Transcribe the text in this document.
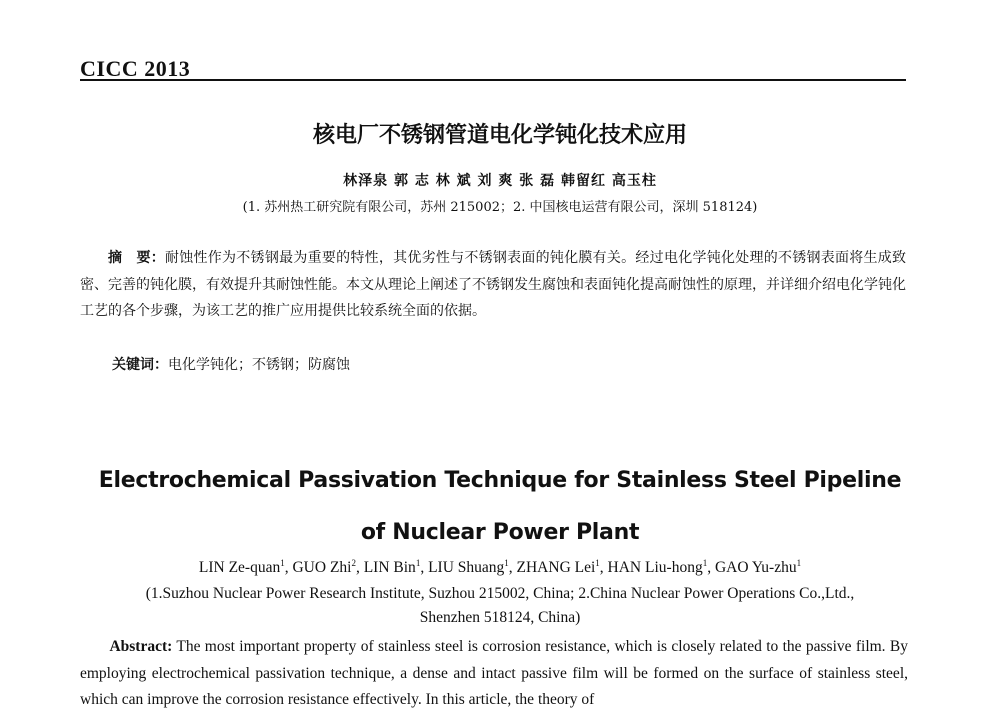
CICC 2013
核电厂不锈钢管道电化学钝化技术应用
林泽泉 郭 志 林 斌 刘 爽 张 磊 韩留红 高玉柱
(1. 苏州热工研究院有限公司，苏州 215002；2. 中国核电运营有限公司，深圳 518124)
摘　要：耐蚀性作为不锈钢最为重要的特性，其优劣性与不锈钢表面的钝化膜有关。经过电化学钝化处理的不锈钢表面将生成致密、完善的钝化膜，有效提升其耐蚀性能。本文从理论上阐述了不锈钢发生腐蚀和表面钝化提高耐蚀性的原理，并详细介绍电化学钝化工艺的各个步骤，为该工艺的推广应用提供比较系统全面的依据。
关键词：电化学钝化；不锈钢；防腐蚀
Electrochemical Passivation Technique for Stainless Steel Pipeline
of Nuclear Power Plant
LIN Ze-quan$^1$, GUO Zhi$^2$, LIN Bin$^1$, LIU Shuang$^1$, ZHANG Lei$^1$, HAN Liu-hong$^1$, GAO Yu-zhu$^1$
(1.Suzhou Nuclear Power Research Institute, Suzhou 215002, China; 2.China Nuclear Power Operations Co.,Ltd.,
Shenzhen 518124, China)
Abstract: The most important property of stainless steel is corrosion resistance, which is closely related to the passive film. By employing electrochemical passivation technique, a dense and intact passive film will be formed on the surface of stainless steel, which can improve the corrosion resistance effectively. In this article, the theory of
